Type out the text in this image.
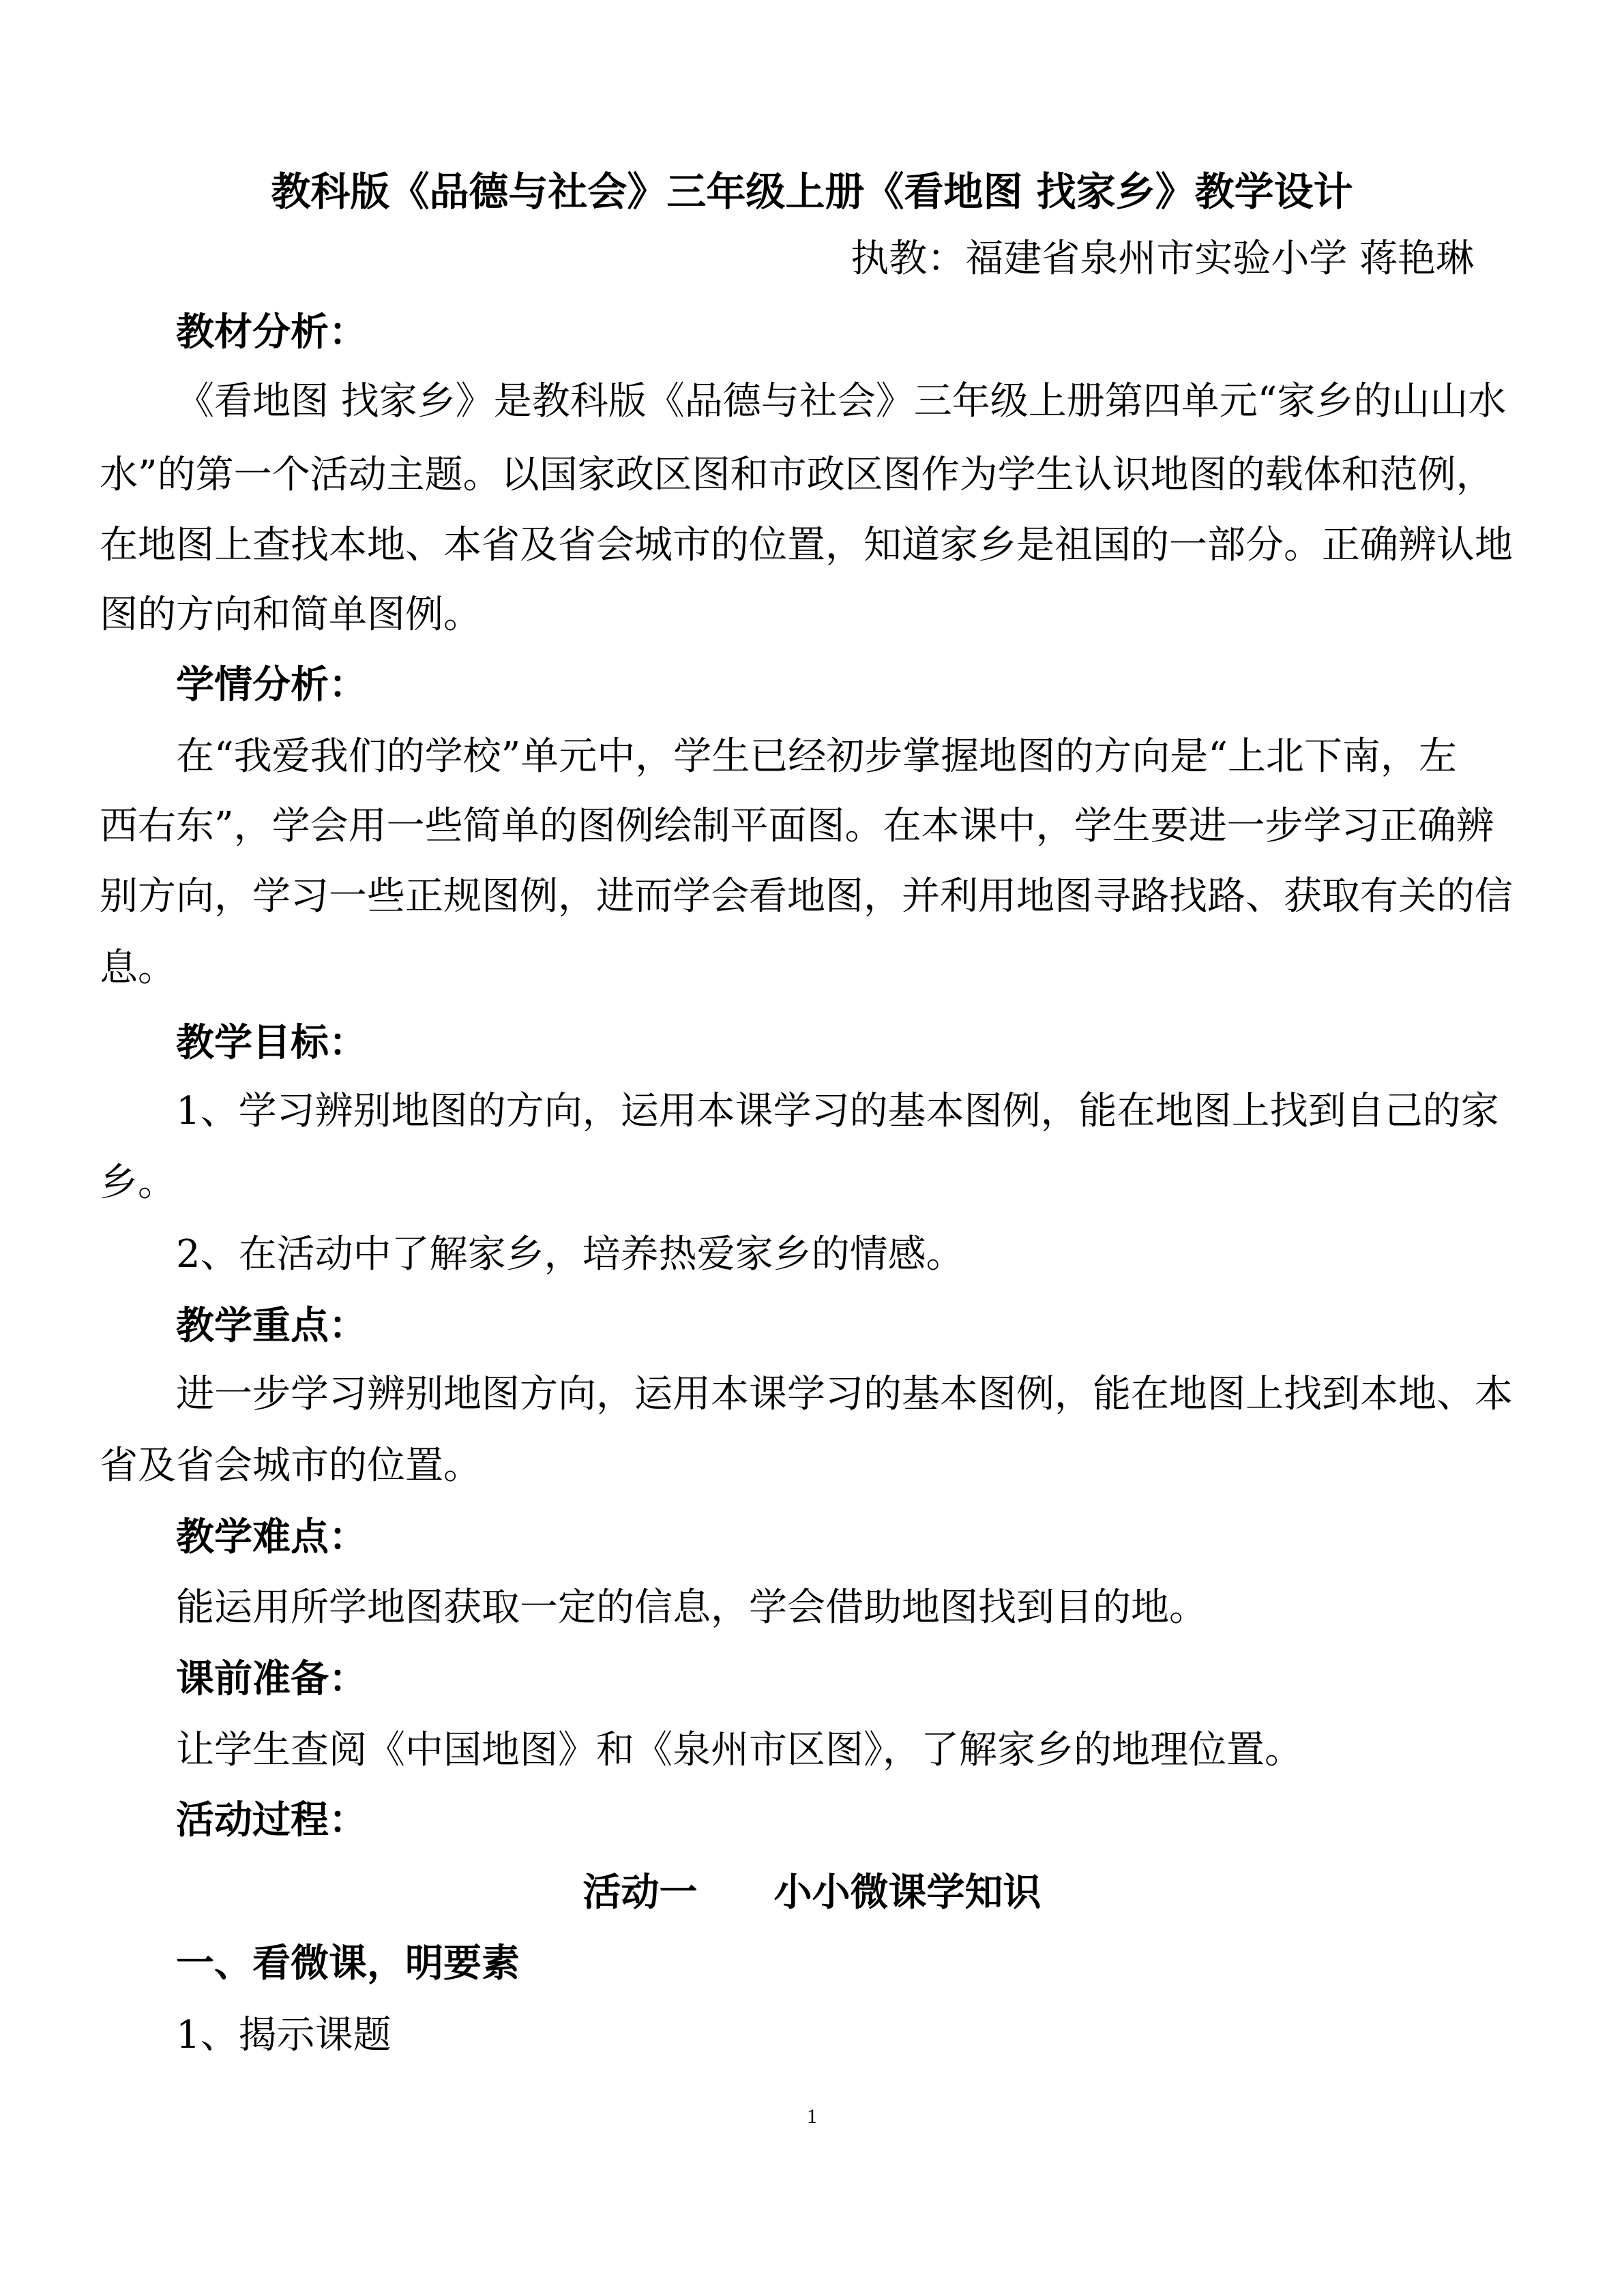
教科版《品德与社会》三年级上册《看地图 找家乡》教学设计
执教：福建省泉州市实验小学 蒋艳琳
教材分析：
《看地图 找家乡》是教科版《品德与社会》三年级上册第四单元“家乡的山山水
水”的第一个活动主题。以国家政区图和市政区图作为学生认识地图的载体和范例，
在地图上查找本地、本省及省会城市的位置，知道家乡是祖国的一部分。正确辨认地
图的方向和简单图例。
学情分析：
在“我爱我们的学校”单元中，学生已经初步掌握地图的方向是“上北下南，左
西右东”，学会用一些简单的图例绘制平面图。在本课中，学生要进一步学习正确辨
别方向，学习一些正规图例，进而学会看地图，并利用地图寻路找路、获取有关的信
息。
教学目标：
1、学习辨别地图的方向，运用本课学习的基本图例，能在地图上找到自己的家
乡。
2、在活动中了解家乡，培养热爱家乡的情感。
教学重点：
进一步学习辨别地图方向，运用本课学习的基本图例，能在地图上找到本地、本
省及省会城市的位置。
教学难点：
能运用所学地图获取一定的信息，学会借助地图找到目的地。
课前准备：
让学生查阅《中国地图》和《泉州市区图》，了解家乡的地理位置。
活动过程：
活动一　　小小微课学知识
一、看微课，明要素
1、揭示课题
1
